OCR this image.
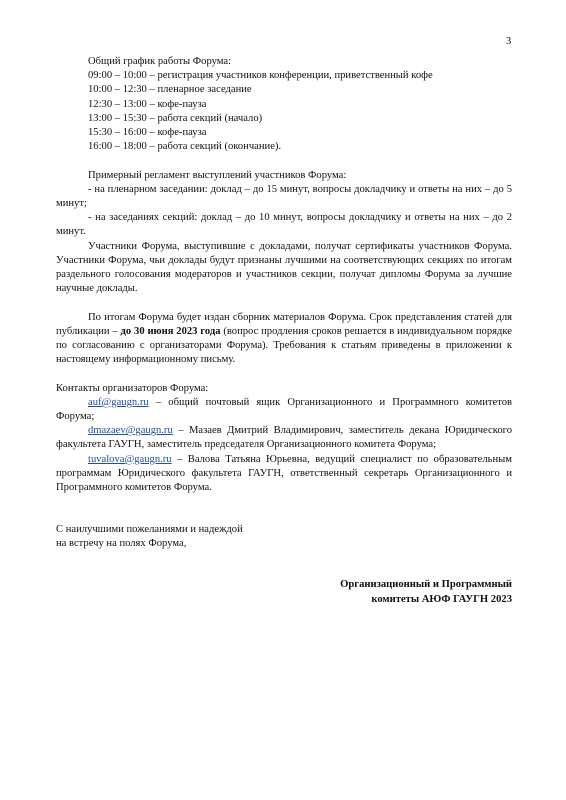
3

Общий график работы Форума:

09:00 – 10:00 – регистрация участников конференции, приветственный кофе
10:00 – 12:30 – пленарное заседание
12:30 – 13:00 – кофе-пауза
13:00 – 15:30 – работа секций (начало)
15:30 – 16:00 – кофе-пауза
16:00 – 18:00 – работа секций (окончание).

Примерный регламент выступлений участников Форума:

- на пленарном заседании: доклад – до 15 минут, вопросы докладчику и ответы на них – до 5 минут;

- на заседаниях секций: доклад – до 10 минут, вопросы докладчику и ответы на них – до 2 минут.

Участники Форума, выступившие с докладами, получат сертификаты участников Форума. Участники Форума, чьи доклады будут признаны лучшими на соответствующих секциях по итогам раздельного голосования модераторов и участников секции, получат дипломы Форума за лучшие научные доклады.

По итогам Форума будет издан сборник материалов Форума. Срок представления статей для публикации – до 30 июня 2023 года (вопрос продления сроков решается в индивидуальном порядке по согласованию с организаторами Форума). Требования к статьям приведены в приложении к настоящему информационному письму.

Контакты организаторов Форума:

auf@gaugn.ru – общий почтовый ящик Организационного и Программного комитетов Форума;

dmazaev@gaugn.ru – Мазаев Дмитрий Владимирович, заместитель декана Юридического факультета ГАУГН, заместитель председателя Организационного комитета Форума;

tuvalova@gaugn.ru – Валова Татьяна Юрьевна, ведущий специалист по образовательным программам Юридического факультета ГАУГН, ответственный секретарь Организационного и Программного комитетов Форума.

С наилучшими пожеланиями и надеждой

на встречу на полях Форума,

Организационный и Программный
комитеты АЮФ ГАУГН 2023
